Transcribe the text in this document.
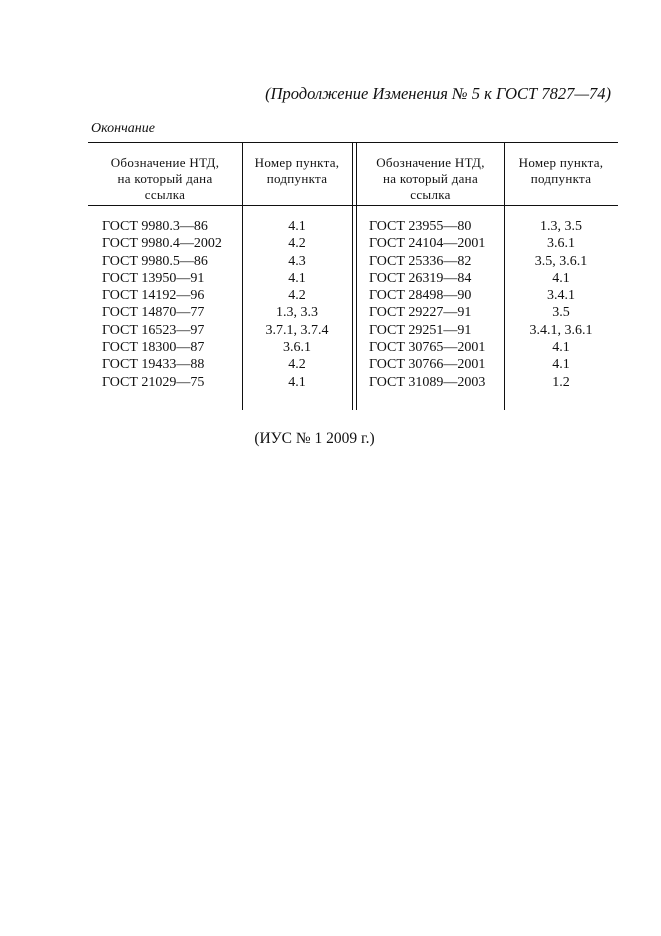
(Продолжение Изменения № 5 к ГОСТ 7827—74)
Окончание
Обозначение НТД,
на который дана
ссылка
Номер пункта,
подпункта
Обозначение НТД,
на который дана
ссылка
Номер пункта,
подпункта
ГОСТ 9980.3—86
ГОСТ 9980.4—2002
ГОСТ 9980.5—86
ГОСТ 13950—91
ГОСТ 14192—96
ГОСТ 14870—77
ГОСТ 16523—97
ГОСТ 18300—87
ГОСТ 19433—88
ГОСТ 21029—75
4.1
4.2
4.3
4.1
4.2
1.3, 3.3
3.7.1, 3.7.4
3.6.1
4.2
4.1
ГОСТ 23955—80
ГОСТ 24104—2001
ГОСТ 25336—82
ГОСТ 26319—84
ГОСТ 28498—90
ГОСТ 29227—91
ГОСТ 29251—91
ГОСТ 30765—2001
ГОСТ 30766—2001
ГОСТ 31089—2003
1.3, 3.5
3.6.1
3.5, 3.6.1
4.1
3.4.1
3.5
3.4.1, 3.6.1
4.1
4.1
1.2
(ИУС № 1 2009 г.)
